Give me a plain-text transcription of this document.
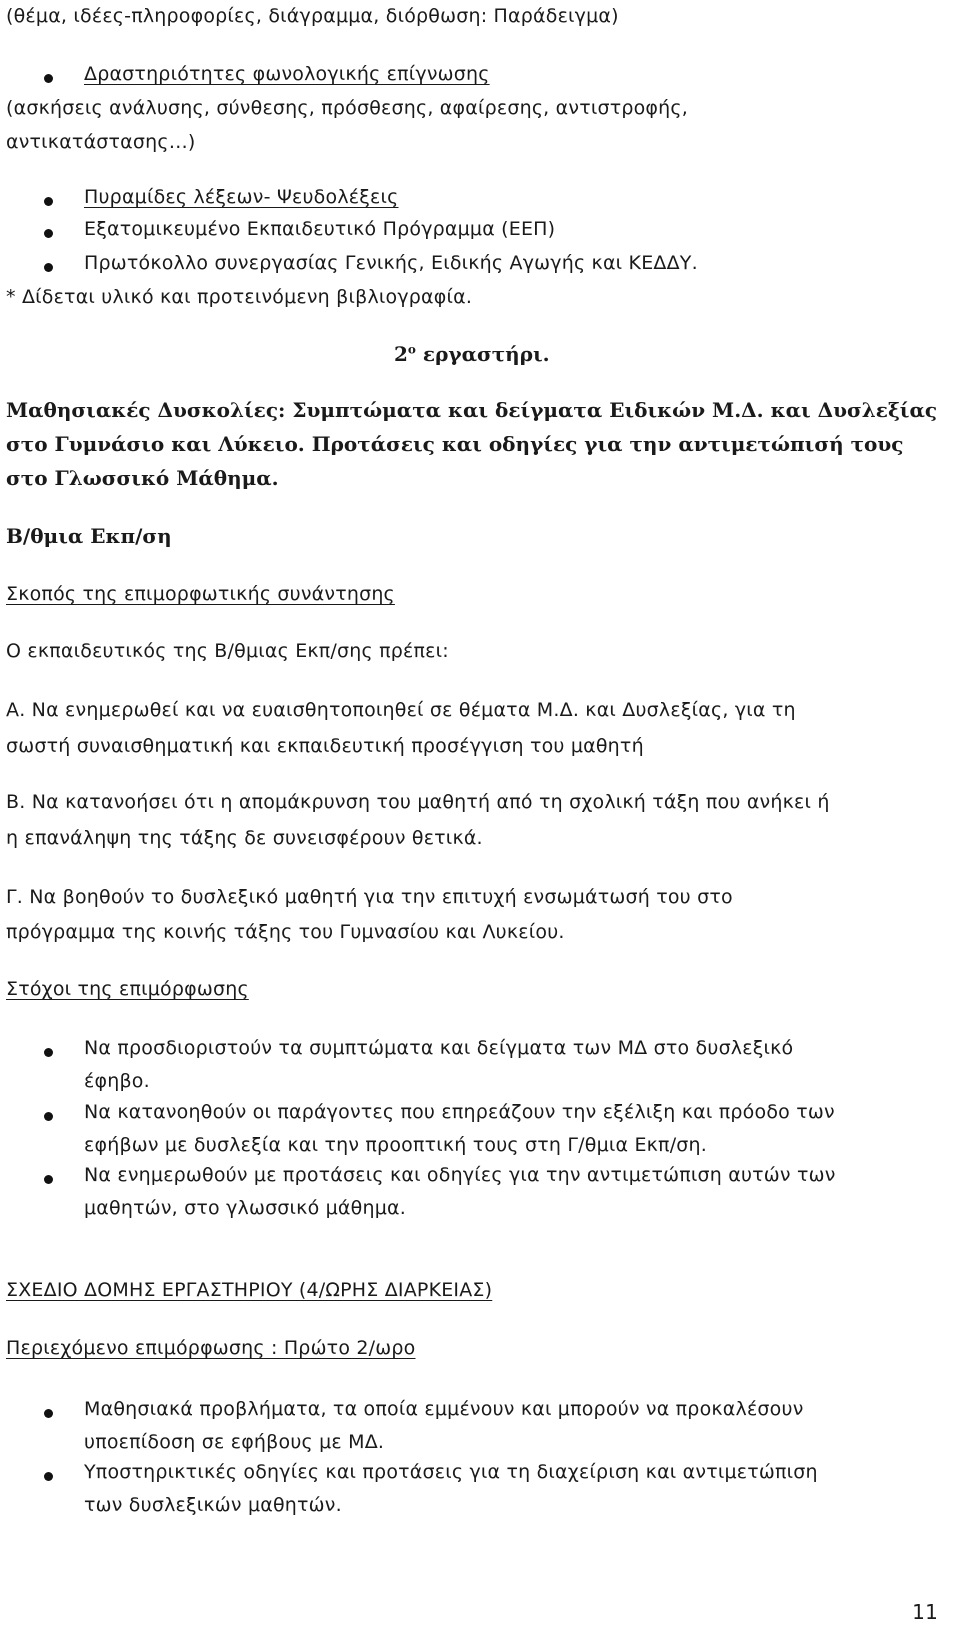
(θέμα, ιδέες-πληροφορίες, διάγραμμα, διόρθωση: Παράδειγμα)
Δραστηριότητες φωνολογικής επίγνωσης
(ασκήσεις ανάλυσης, σύνθεσης, πρόσθεσης, αφαίρεσης, αντιστροφής,
αντικατάστασης…)
Πυραμίδες λέξεων- Ψευδολέξεις
Εξατομικευμένο Εκπαιδευτικό Πρόγραμμα (ΕΕΠ)
Πρωτόκολλο συνεργασίας Γενικής, Ειδικής Αγωγής και ΚΕΔΔΥ.
* Δίδεται υλικό και προτεινόμενη βιβλιογραφία.
$2^o$ εργαστήρι.
Μαθησιακές Δυσκολίες: Συμπτώματα και δείγματα Ειδικών Μ.Δ. και Δυσλεξίας
στο Γυμνάσιο και Λύκειο. Προτάσεις και οδηγίες για την αντιμετώπισή τους
στο Γλωσσικό Μάθημα.
Β/θμια Εκπ/ση
Σκοπός της επιμορφωτικής συνάντησης
Ο εκπαιδευτικός της Β/θμιας Εκπ/σης πρέπει:
Α. Να ενημερωθεί και να ευαισθητοποιηθεί σε θέματα Μ.Δ. και Δυσλεξίας, για τη
σωστή συναισθηματική και εκπαιδευτική προσέγγιση του μαθητή
Β. Να κατανοήσει ότι η απομάκρυνση του μαθητή από τη σχολική τάξη που ανήκει ή
η επανάληψη της τάξης δε συνεισφέρουν θετικά.
Γ. Να βοηθούν το δυσλεξικό μαθητή για την επιτυχή ενσωμάτωσή του στο
πρόγραμμα της κοινής τάξης του Γυμνασίου και Λυκείου.
Στόχοι της επιμόρφωσης
Να προσδιοριστούν τα συμπτώματα και δείγματα των ΜΔ στο δυσλεξικό
έφηβο.
Να κατανοηθούν οι παράγοντες που επηρεάζουν την εξέλιξη και πρόοδο των
εφήβων με δυσλεξία και την προοπτική τους στη Γ/θμια Εκπ/ση.
Να ενημερωθούν με προτάσεις και οδηγίες για την αντιμετώπιση αυτών των
μαθητών, στο γλωσσικό μάθημα.
ΣΧΕΔΙΟ ΔΟΜΗΣ ΕΡΓΑΣΤΗΡΙΟΥ (4/ΩΡΗΣ ΔΙΑΡΚΕΙΑΣ)
Περιεχόμενο επιμόρφωσης : Πρώτο 2/ωρο
Μαθησιακά προβλήματα, τα οποία εμμένουν και μπορούν να προκαλέσουν
υποεπίδοση σε εφήβους με ΜΔ.
Υποστηρικτικές οδηγίες και προτάσεις για τη διαχείριση και αντιμετώπιση
των δυσλεξικών μαθητών.
11
